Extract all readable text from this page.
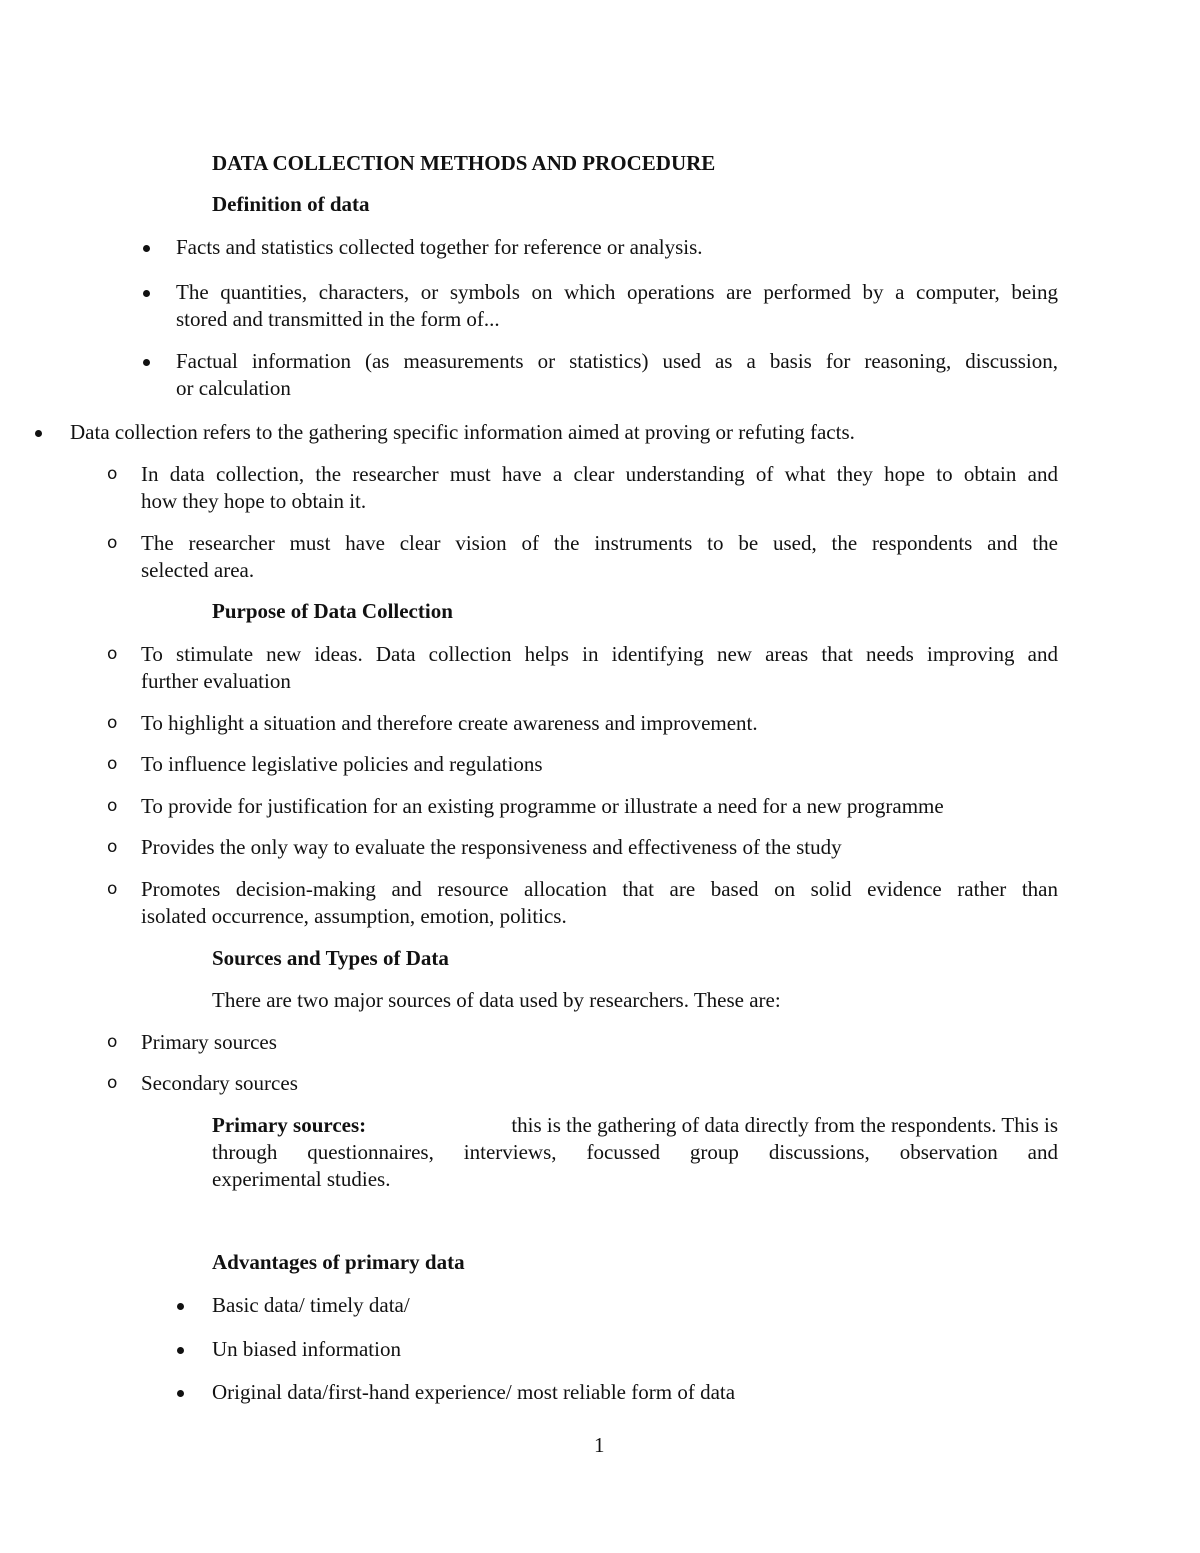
DATA COLLECTION METHODS AND PROCEDURE
Definition of data
Facts and statistics collected together for reference or analysis.
The quantities, characters, or symbols on which operations are performed by a computer, being
stored and transmitted in the form of...
Factual information (as measurements or statistics) used as a basis for reasoning, discussion,
or calculation
Data collection refers to the gathering specific information aimed at proving or refuting facts.
o In data collection, the researcher must have a clear understanding of what they hope to obtain and
how they hope to obtain it.
o The researcher must have clear vision of the instruments to be used, the respondents and the
selected area.
Purpose of Data Collection
o To stimulate new ideas. Data collection helps in identifying new areas that needs improving and
further evaluation
o To highlight a situation and therefore create awareness and improvement.
o To influence legislative policies and regulations
o To provide for justification for an existing programme or illustrate a need for a new programme
o Provides the only way to evaluate the responsiveness and effectiveness of the study
o Promotes decision-making and resource allocation that are based on solid evidence rather than
isolated occurrence, assumption, emotion, politics.
Sources and Types of Data
There are two major sources of data used by researchers. These are:
o Primary sources
o Secondary sources
Primary sources:	this is the gathering of data directly from the respondents. This is
through questionnaires, interviews, focussed group discussions, observation and
experimental studies.
Advantages of primary data
Basic data/ timely data/
Un biased information
Original data/first-hand experience/ most reliable form of data
1
